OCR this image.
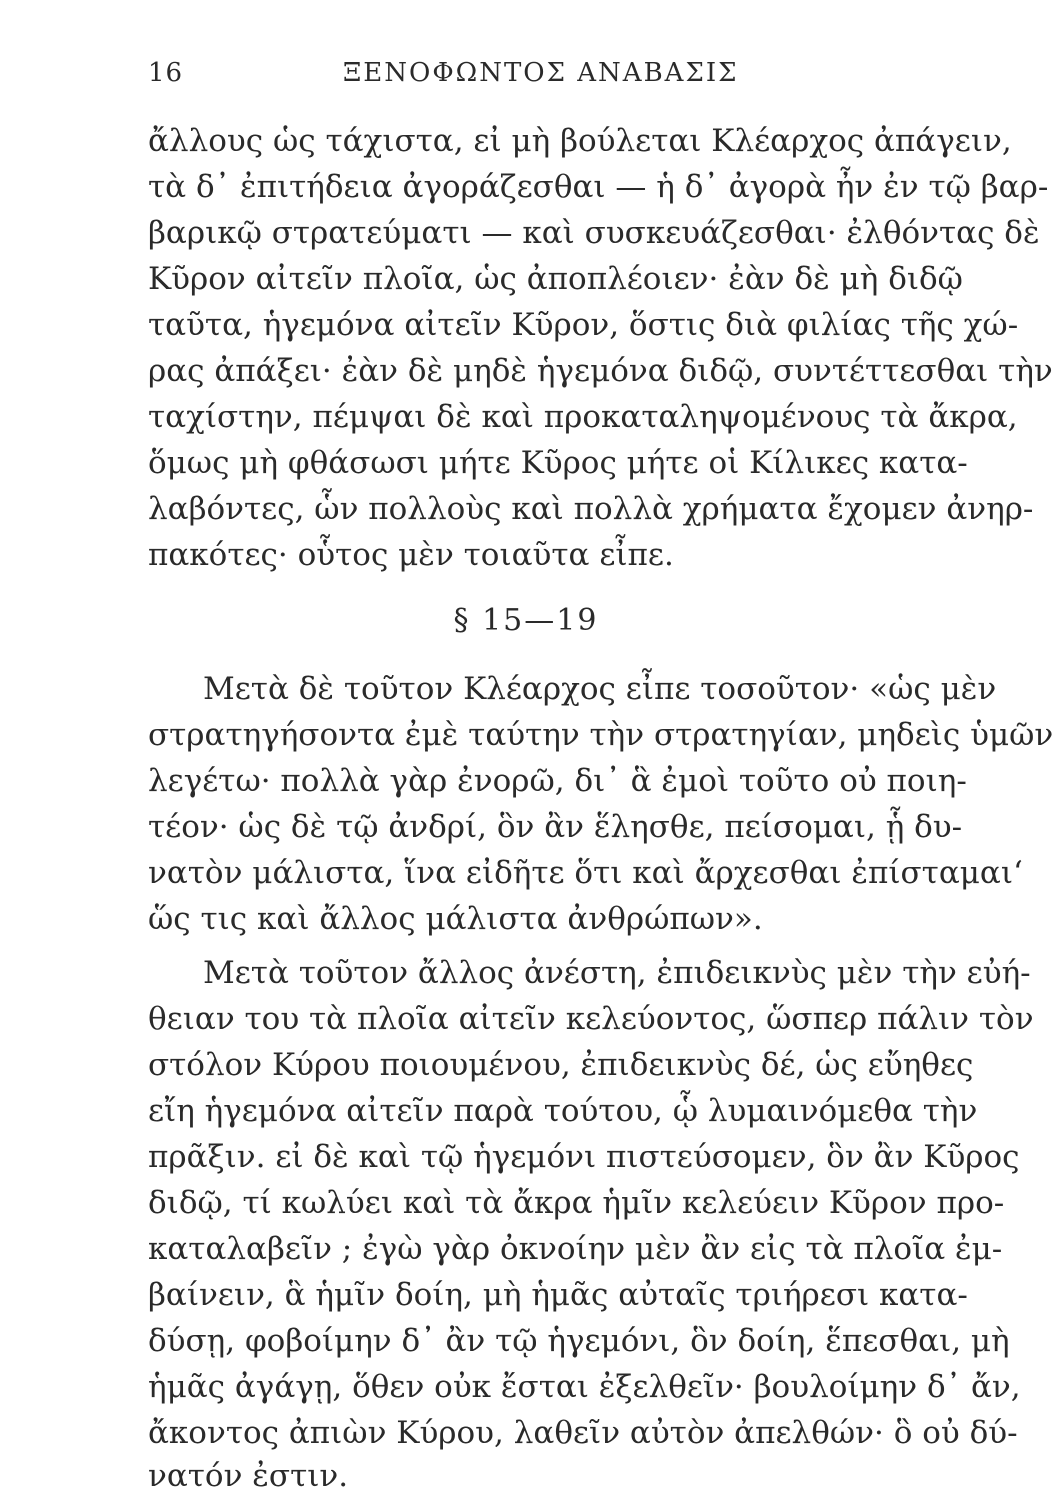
16	ΞΕΝΟΦΩΝΤΟΣ ΑΝΑΒΑΣΙΣ
ἄλλους ὡς τάχιστα, εἰ μὴ βούλεται Κλέαρχος ἀπάγειν,
τὰ δ᾽ ἐπιτήδεια ἀγοράζεσθαι — ἡ δ᾽ ἀγορὰ ἦν ἐν τῷ βαρ-
βαρικῷ στρατεύματι — καὶ συσκευάζεσθαι· ἐλθόντας δὲ
Κῦρον αἰτεῖν πλοῖα, ὡς ἀποπλέοιεν· ἐὰν δὲ μὴ διδῷ
ταῦτα, ἡγεμόνα αἰτεῖν Κῦρον, ὅστις διὰ φιλίας τῆς χώ-
ρας ἀπάξει· ἐὰν δὲ μηδὲ ἡγεμόνα διδῷ, συντέττεσθαι τὴν
ταχίστην, πέμψαι δὲ καὶ προκαταληψομένους τὰ ἄκρα,
ὅμως μὴ φθάσωσι μήτε Κῦρος μήτε οἱ Κίλικες κατα-
λαβόντες, ὧν πολλοὺς καὶ πολλὰ χρήματα ἔχομεν ἀνηρ-
πακότες· οὗτος μὲν τοιαῦτα εἶπε.
§ 15—19
Μετὰ δὲ τοῦτον Κλέαρχος εἶπε τοσοῦτον· «ὡς μὲν
στρατηγήσοντα ἐμὲ ταύτην τὴν στρατηγίαν, μηδεὶς ὑμῶν
λεγέτω· πολλὰ γὰρ ἐνορῶ, δι᾽ ἃ ἐμοὶ τοῦτο οὐ ποιη-
τέον· ὡς δὲ τῷ ἀνδρί, ὃν ἂν ἕλησθε, πείσομαι, ᾗ δυ-
νατὸν μάλιστα, ἵνα εἰδῆτε ὅτι καὶ ἄρχεσθαι ἐπίσταμαι‘
ὥς τις καὶ ἄλλος μάλιστα ἀνθρώπων».
Μετὰ τοῦτον ἄλλος ἀνέστη, ἐπιδεικνὺς μὲν τὴν εὐή-
θειαν του τὰ πλοῖα αἰτεῖν κελεύοντος, ὥσπερ πάλιν τὸν
στόλον Κύρου ποιουμένου, ἐπιδεικνὺς δέ, ὡς εὔηθες
εἴη ἡγεμόνα αἰτεῖν παρὰ τούτου, ᾧ λυμαινόμεθα τὴν
πρᾶξιν. εἰ δὲ καὶ τῷ ἡγεμόνι πιστεύσομεν, ὃν ἂν Κῦρος
διδῷ, τί κωλύει καὶ τὰ ἄκρα ἡμῖν κελεύειν Κῦρον προ-
καταλαβεῖν ; ἐγὼ γὰρ ὀκνοίην μὲν ἂν εἰς τὰ πλοῖα ἐμ-
βαίνειν, ἃ ἡμῖν δοίη, μὴ ἡμᾶς αὐταῖς τριήρεσι κατα-
δύσῃ, φοβοίμην δ᾽ ἂν τῷ ἡγεμόνι, ὃν δοίη, ἕπεσθαι, μὴ
ἡμᾶς ἀγάγῃ, ὅθεν οὐκ ἔσται ἐξελθεῖν· βουλοίμην δ᾽ ἄν,
ἄκοντος ἀπιὼν Κύρου, λαθεῖν αὐτὸν ἀπελθών· ὃ οὐ δύ-
νατόν ἐστιν.
